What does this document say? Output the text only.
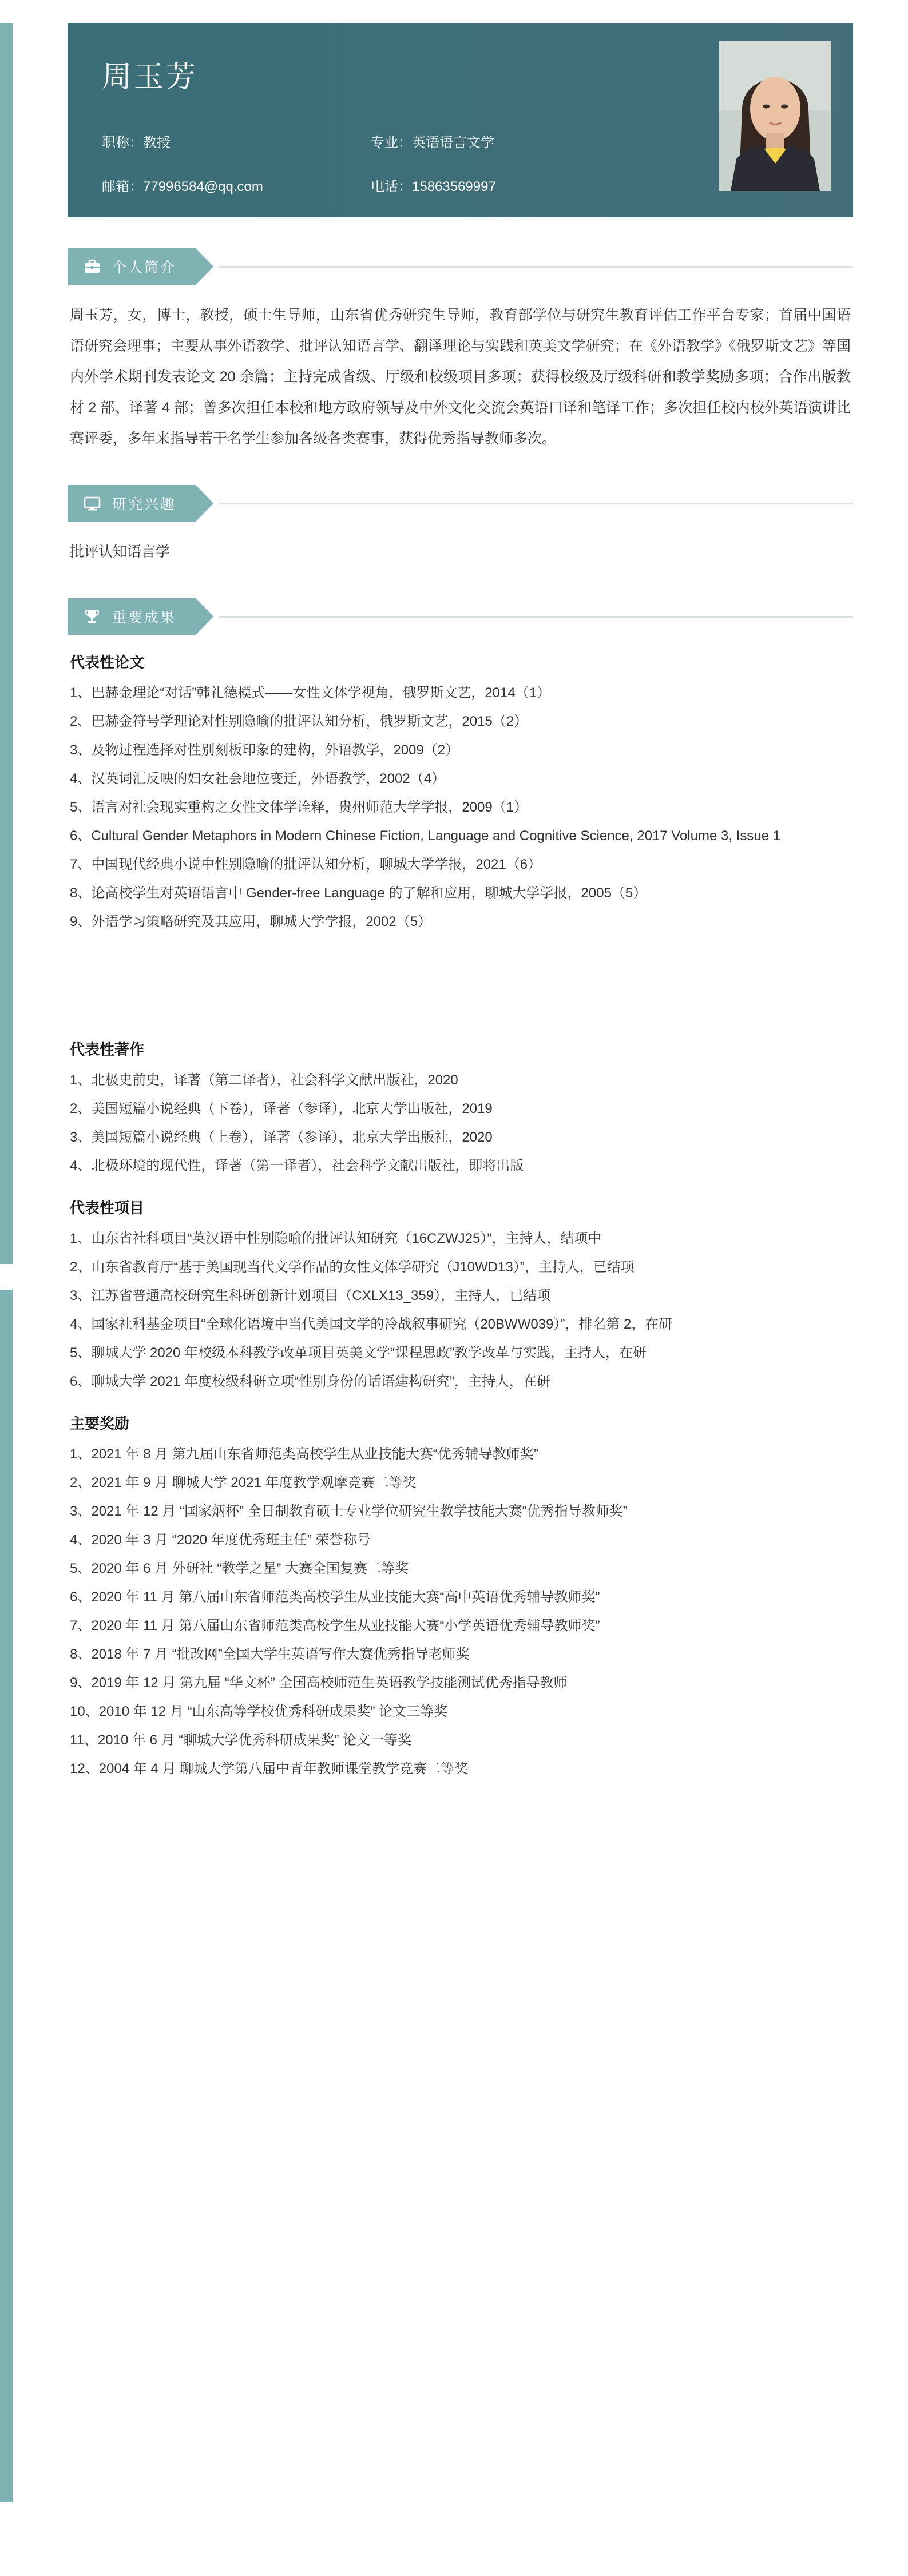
周玉芳
职称：教授	专业：英语语言文学
邮箱：77996584@qq.com	电话：15863569997
个人简介
周玉芳，女，博士，教授，硕士生导师，山东省优秀研究生导师，教育部学位与研究生教育评估工作平台专家；首届中国语语研究会理事；主要从事外语教学、批评认知语言学、翻译理论与实践和英美文学研究；在《外语教学》《俄罗斯文艺》等国内外学术期刊发表论文 20 余篇；主持完成省级、厅级和校级项目多项；获得校级及厅级科研和教学奖励多项；合作出版教材 2 部、译著 4 部；曾多次担任本校和地方政府领导及中外文化交流会英语口译和笔译工作；多次担任校内校外英语演讲比赛评委，多年来指导若干名学生参加各级各类赛事，获得优秀指导教师多次。
研究兴趣
批评认知语言学
重要成果
代表性论文
1、巴赫金理论“对话”韩礼德模式——女性文体学视角，俄罗斯文艺，2014（1）
2、巴赫金符号学理论对性别隐喻的批评认知分析，俄罗斯文艺，2015（2）
3、及物过程选择对性别刻板印象的建构，外语教学，2009（2）
4、汉英词汇反映的妇女社会地位变迁，外语教学，2002（4）
5、语言对社会现实重构之女性文体学诠释，贵州师范大学学报，2009（1）
6、Cultural Gender Metaphors in Modern Chinese Fiction, Language and Cognitive Science, 2017 Volume 3, Issue 1
7、中国现代经典小说中性别隐喻的批评认知分析，聊城大学学报，2021（6）
8、论高校学生对英语语言中 Gender-free Language 的了解和应用，聊城大学学报，2005（5）
9、外语学习策略研究及其应用，聊城大学学报，2002（5）
代表性著作
1、北极史前史，译著（第二译者），社会科学文献出版社，2020
2、美国短篇小说经典（下卷），译著（参译），北京大学出版社，2019
3、美国短篇小说经典（上卷），译著（参译），北京大学出版社，2020
4、北极环境的现代性，译著（第一译者），社会科学文献出版社，即将出版
代表性项目
1、山东省社科项目“英汉语中性别隐喻的批评认知研究（16CZWJ25）”，主持人，结项中
2、山东省教育厅“基于美国现当代文学作品的女性文体学研究（J10WD13）”，主持人，已结项
3、江苏省普通高校研究生科研创新计划项目（CXLX13_359），主持人，已结项
4、国家社科基金项目“全球化语境中当代美国文学的冷战叙事研究（20BWW039）”，排名第 2，在研
5、聊城大学 2020 年校级本科教学改革项目英美文学“课程思政”教学改革与实践，主持人，在研
6、聊城大学 2021 年度校级科研立项“性别身份的话语建构研究”，主持人，在研
主要奖励
1、2021 年 8 月 第九届山东省师范类高校学生从业技能大赛“优秀辅导教师奖”
2、2021 年 9 月 聊城大学 2021 年度教学观摩竞赛二等奖
3、2021 年 12 月 “国家炳杯” 全日制教育硕士专业学位研究生教学技能大赛“优秀指导教师奖”
4、2020 年 3 月 “2020 年度优秀班主任” 荣誉称号
5、2020 年 6 月 外研社 “教学之星” 大赛全国复赛二等奖
6、2020 年 11 月 第八届山东省师范类高校学生从业技能大赛“高中英语优秀辅导教师奖”
7、2020 年 11 月 第八届山东省师范类高校学生从业技能大赛“小学英语优秀辅导教师奖”
8、2018 年 7 月 “批改网”全国大学生英语写作大赛优秀指导老师奖
9、2019 年 12 月 第九届 “华文杯” 全国高校师范生英语教学技能测试优秀指导教师
10、2010 年 12 月 “山东高等学校优秀科研成果奖” 论文三等奖
11、2010 年 6 月 “聊城大学优秀科研成果奖” 论文一等奖
12、2004 年 4 月 聊城大学第八届中青年教师课堂教学竞赛二等奖
